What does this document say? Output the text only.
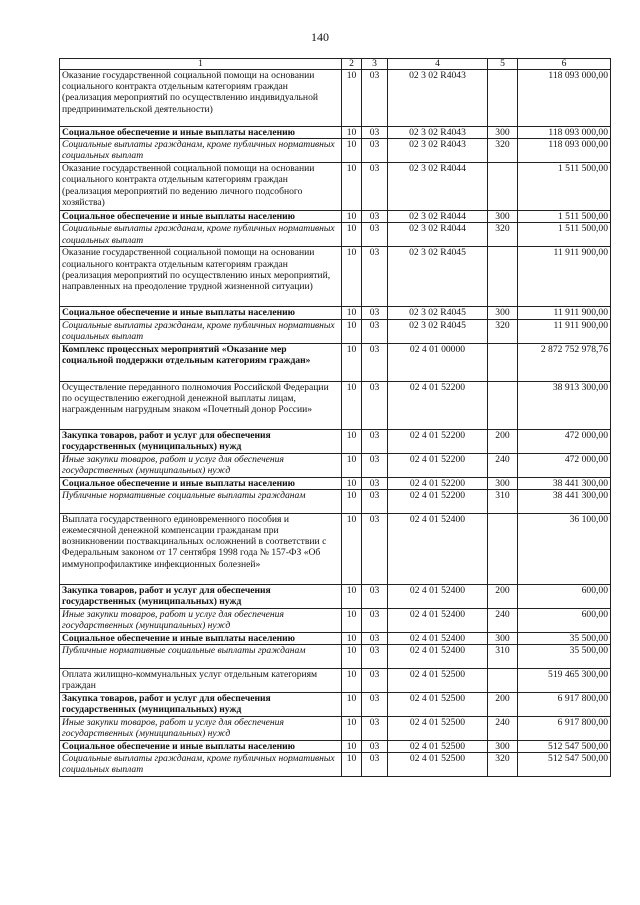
140
1	2	3	4	5	6
Оказание государственной социальной помощи на основании социального контракта отдельным категориям граждан (реализация мероприятий по осуществлению индивидуальной предпринимательской деятельности)	10	03	02 3 02 R4043		118 093 000,00
Социальное обеспечение и иные выплаты населению	10	03	02 3 02 R4043	300	118 093 000,00
Социальные выплаты гражданам, кроме публичных нормативных социальных выплат	10	03	02 3 02 R4043	320	118 093 000,00
Оказание государственной социальной помощи на основании социального контракта отдельным категориям граждан (реализация мероприятий по ведению личного подсобного хозяйства)	10	03	02 3 02 R4044		1 511 500,00
Социальное обеспечение и иные выплаты населению	10	03	02 3 02 R4044	300	1 511 500,00
Социальные выплаты гражданам, кроме публичных нормативных социальных выплат	10	03	02 3 02 R4044	320	1 511 500,00
Оказание государственной социальной помощи на основании социального контракта отдельным категориям граждан (реализация мероприятий по осуществлению иных мероприятий, направленных на преодоление трудной жизненной ситуации)	10	03	02 3 02 R4045		11 911 900,00
Социальное обеспечение и иные выплаты населению	10	03	02 3 02 R4045	300	11 911 900,00
Социальные выплаты гражданам, кроме публичных нормативных социальных выплат	10	03	02 3 02 R4045	320	11 911 900,00
Комплекс процессных мероприятий «Оказание мер социальной поддержки отдельным категориям граждан»	10	03	02 4 01 00000		2 872 752 978,76
Осуществление переданного полномочия Российской Федерации по осуществлению ежегодной денежной выплаты лицам, награжденным нагрудным знаком «Почетный донор России»	10	03	02 4 01 52200		38 913 300,00
Закупка товаров, работ и услуг для обеспечения государственных (муниципальных) нужд	10	03	02 4 01 52200	200	472 000,00
Иные закупки товаров, работ и услуг для обеспечения государственных (муниципальных) нужд	10	03	02 4 01 52200	240	472 000,00
Социальное обеспечение и иные выплаты населению	10	03	02 4 01 52200	300	38 441 300,00
Публичные нормативные социальные выплаты гражданам	10	03	02 4 01 52200	310	38 441 300,00
Выплата государственного единовременного пособия и ежемесячной денежной компенсации гражданам при возникновении поствакцинальных осложнений в соответствии с Федеральным законом от 17 сентября 1998 года № 157-ФЗ «Об иммунопрофилактике инфекционных болезней»	10	03	02 4 01 52400		36 100,00
Закупка товаров, работ и услуг для обеспечения государственных (муниципальных) нужд	10	03	02 4 01 52400	200	600,00
Иные закупки товаров, работ и услуг для обеспечения государственных (муниципальных) нужд	10	03	02 4 01 52400	240	600,00
Социальное обеспечение и иные выплаты населению	10	03	02 4 01 52400	300	35 500,00
Публичные нормативные социальные выплаты гражданам	10	03	02 4 01 52400	310	35 500,00
Оплата жилищно-коммунальных услуг отдельным категориям граждан	10	03	02 4 01 52500		519 465 300,00
Закупка товаров, работ и услуг для обеспечения государственных (муниципальных) нужд	10	03	02 4 01 52500	200	6 917 800,00
Иные закупки товаров, работ и услуг для обеспечения государственных (муниципальных) нужд	10	03	02 4 01 52500	240	6 917 800,00
Социальное обеспечение и иные выплаты населению	10	03	02 4 01 52500	300	512 547 500,00
Социальные выплаты гражданам, кроме публичных нормативных социальных выплат	10	03	02 4 01 52500	320	512 547 500,00
